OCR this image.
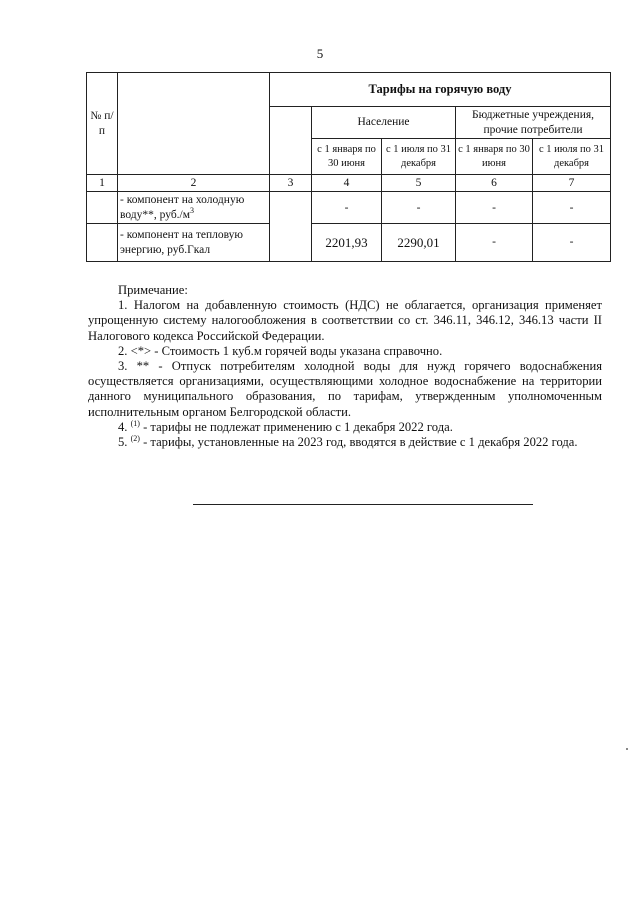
5
№ п/п		Тарифы на горячую воду				
			Население		Бюджетные учреждения, прочие потребители	
			с 1 января по 30 июня	с 1 июля по 31 декабря	с 1 января по 30 июня	с 1 июля по 31 декабря
1	2	3	4	5	6	7
	- компонент на холодную воду**, $руб./м^3$		-	-	-	-
	- компонент на тепловую энергию, руб.Гкал		2201,93	2290,01	-	-

Примечание:

1. Налогом на добавленную стоимость (НДС) не облагается, организация применяет упрощенную систему налогообложения в соответствии со ст. 346.11, 346.12, 346.13 части II Налогового кодекса Российской Федерации.

2. <*> - Стоимость 1 куб.м горячей воды указана справочно.

3. ** - Отпуск потребителям холодной воды для нужд горячего водоснабжения осуществляется организациями, осуществляющими холодное водоснабжение на территории данного муниципального образования, по тарифам, утвержденным уполномоченным исполнительным органом Белгородской области.

4. $^{(1)}$ - тарифы не подлежат применению с 1 декабря 2022 года.

5. $^{(2)}$ - тарифы, установленные на 2023 год, вводятся в действие с 1 декабря 2022 года.
